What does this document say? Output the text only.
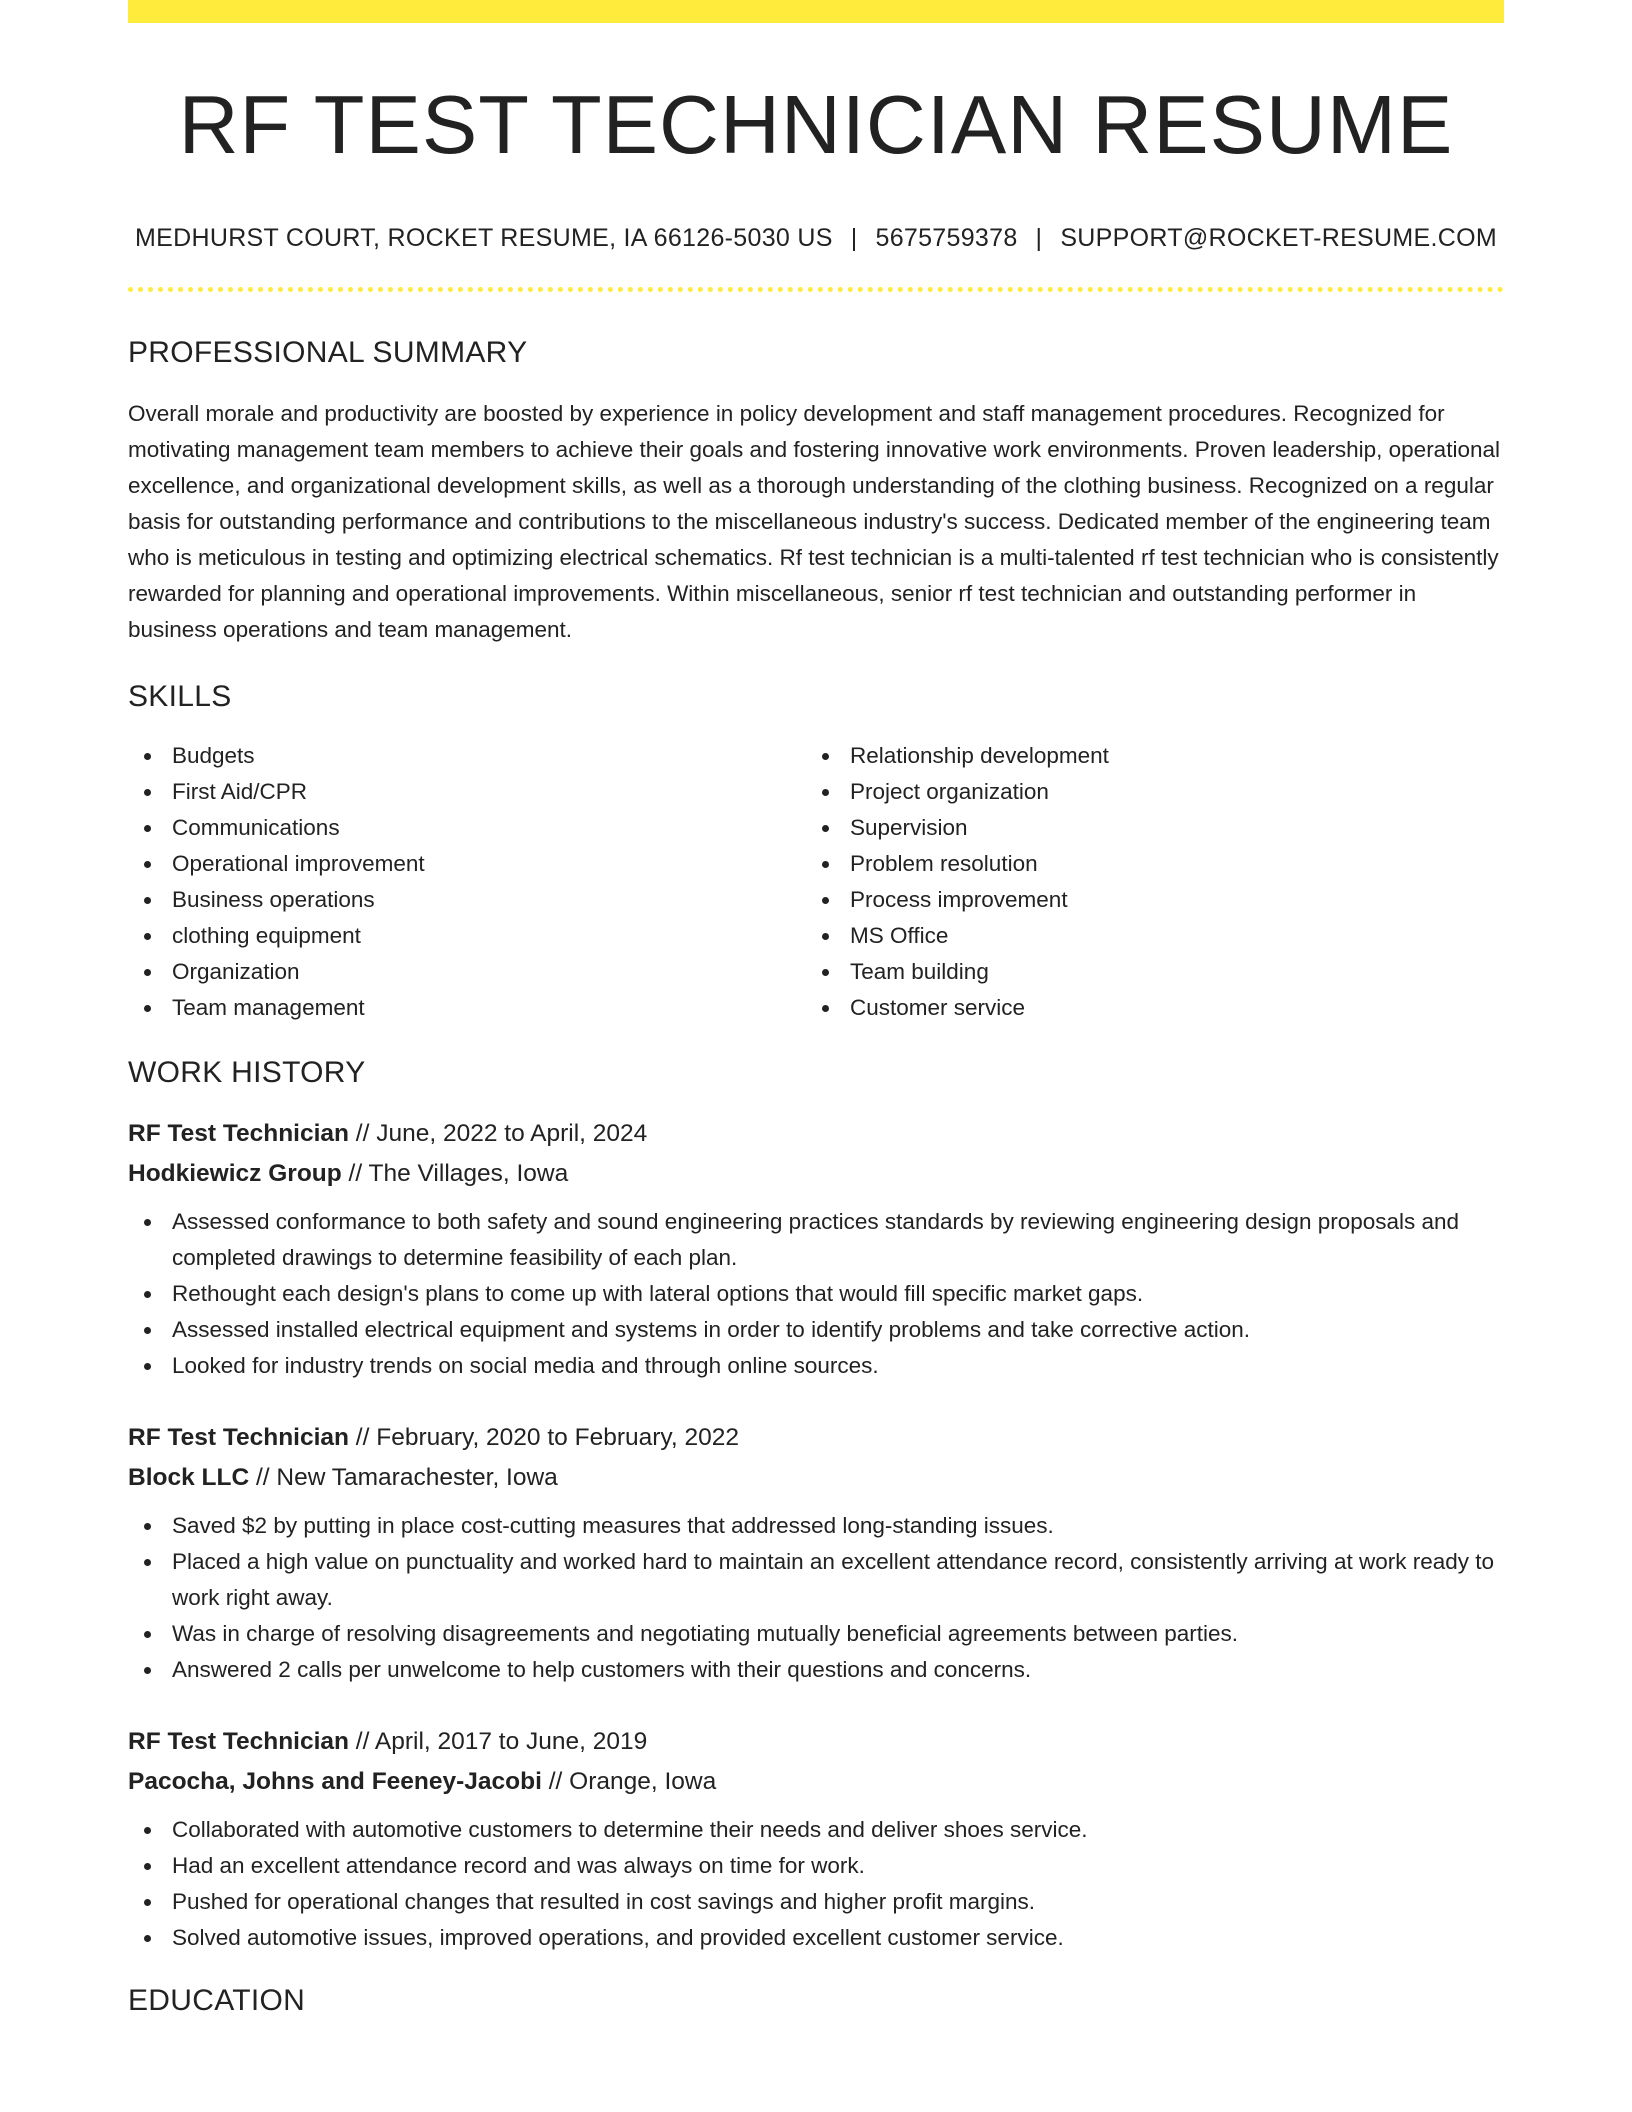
RF TEST TECHNICIAN RESUME
MEDHURST COURT, ROCKET RESUME, IA 66126-5030 US | 5675759378 | SUPPORT@ROCKET-RESUME.COM
PROFESSIONAL SUMMARY

Overall morale and productivity are boosted by experience in policy development and staff management procedures. Recognized for motivating management team members to achieve their goals and fostering innovative work environments. Proven leadership, operational excellence, and organizational development skills, as well as a thorough understanding of the clothing business. Recognized on a regular basis for outstanding performance and contributions to the miscellaneous industry's success. Dedicated member of the engineering team who is meticulous in testing and optimizing electrical schematics. Rf test technician is a multi-talented rf test technician who is consistently rewarded for planning and operational improvements. Within miscellaneous, senior rf test technician and outstanding performer in business operations and team management.

SKILLS
Budgets
First Aid/CPR
Communications
Operational improvement
Business operations
clothing equipment
Organization
Team management
Relationship development
Project organization
Supervision
Problem resolution
Process improvement
MS Office
Team building
Customer service
WORK HISTORY
RF Test Technician // June, 2022 to April, 2024
Hodkiewicz Group // The Villages, Iowa
Assessed conformance to both safety and sound engineering practices standards by reviewing engineering design proposals and completed drawings to determine feasibility of each plan.
Rethought each design's plans to come up with lateral options that would fill specific market gaps.
Assessed installed electrical equipment and systems in order to identify problems and take corrective action.
Looked for industry trends on social media and through online sources.
RF Test Technician // February, 2020 to February, 2022
Block LLC // New Tamarachester, Iowa
Saved $2 by putting in place cost-cutting measures that addressed long-standing issues.
Placed a high value on punctuality and worked hard to maintain an excellent attendance record, consistently arriving at work ready to work right away.
Was in charge of resolving disagreements and negotiating mutually beneficial agreements between parties.
Answered 2 calls per unwelcome to help customers with their questions and concerns.
RF Test Technician // April, 2017 to June, 2019
Pacocha, Johns and Feeney-Jacobi // Orange, Iowa
Collaborated with automotive customers to determine their needs and deliver shoes service.
Had an excellent attendance record and was always on time for work.
Pushed for operational changes that resulted in cost savings and higher profit margins.
Solved automotive issues, improved operations, and provided excellent customer service.
EDUCATION
